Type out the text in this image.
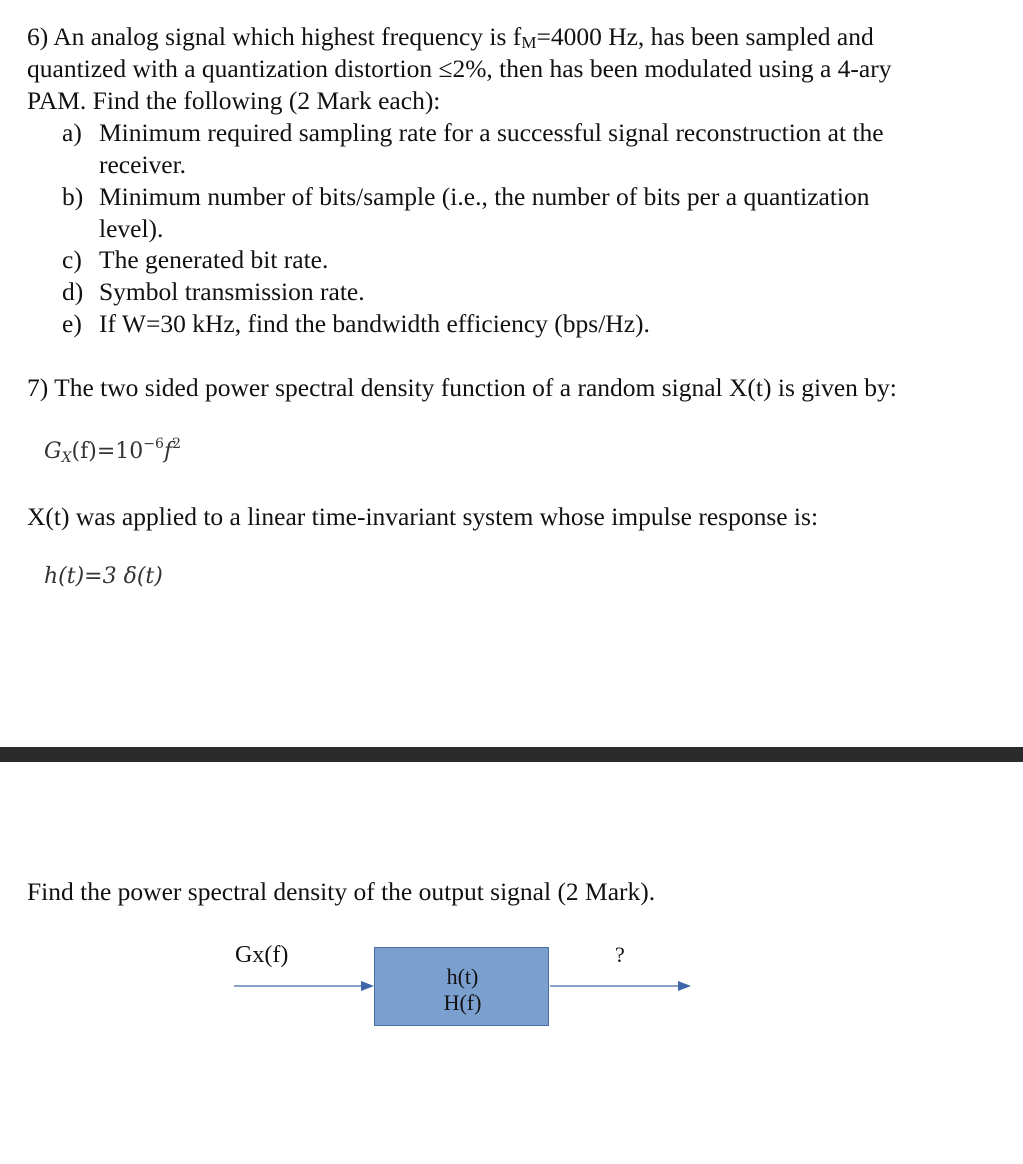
6) An analog signal which highest frequency is fM=4000 Hz, has been sampled and
quantized with a quantization distortion ≤2%, then has been modulated using a 4-ary
PAM. Find the following (2 Mark each):
a) Minimum required sampling rate for a successful signal reconstruction at the
receiver.
b) Minimum number of bits/sample (i.e., the number of bits per a quantization
level).
c) The generated bit rate.
d) Symbol transmission rate.
e) If W=30 kHz, find the bandwidth efficiency (bps/Hz).
7) The two sided power spectral density function of a random signal X(t) is given by:
$GX(f)=10^{-6}f^2$
X(t) was applied to a linear time-invariant system whose impulse response is:
h(t)=3 δ(t)
Find the power spectral density of the output signal (2 Mark).
Gx(f)	?
h(t)
H(f)
